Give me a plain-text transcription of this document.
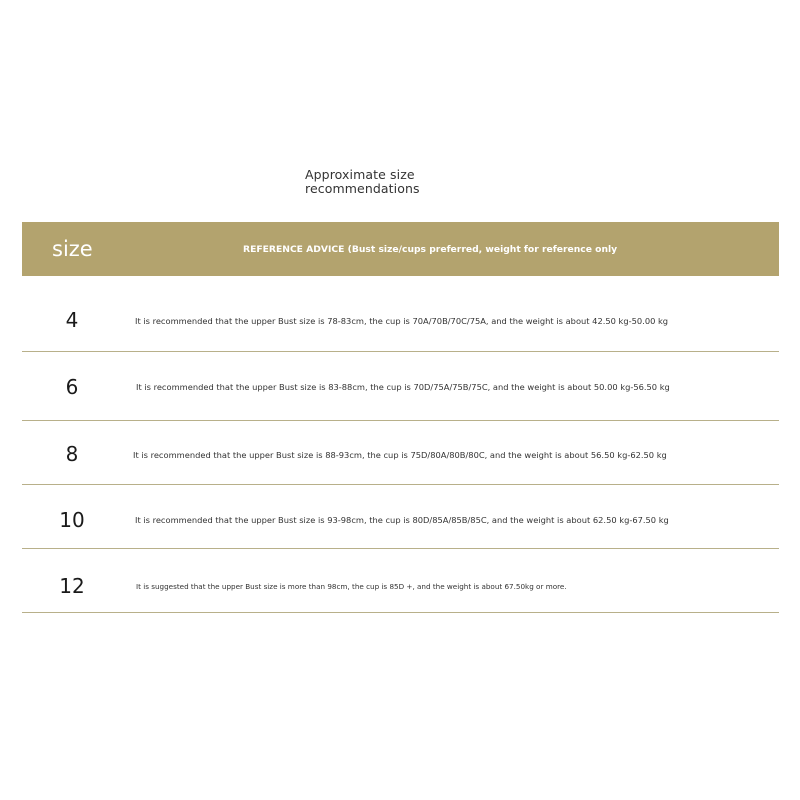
Approximate size recommendations
size	REFERENCE ADVICE (Bust size/cups preferred, weight for reference only
4	It is recommended that the upper Bust size is 78-83cm, the cup is 70A/70B/70C/75A, and the weight is about 42.50 kg-50.00 kg
6	It is recommended that the upper Bust size is 83-88cm, the cup is 70D/75A/75B/75C, and the weight is about 50.00 kg-56.50 kg
8	It is recommended that the upper Bust size is 88-93cm, the cup is 75D/80A/80B/80C, and the weight is about 56.50 kg-62.50 kg
10	It is recommended that the upper Bust size is 93-98cm, the cup is 80D/85A/85B/85C, and the weight is about 62.50 kg-67.50 kg
12	It is suggested that the upper Bust size is more than 98cm, the cup is 85D +, and the weight is about 67.50kg or more.
